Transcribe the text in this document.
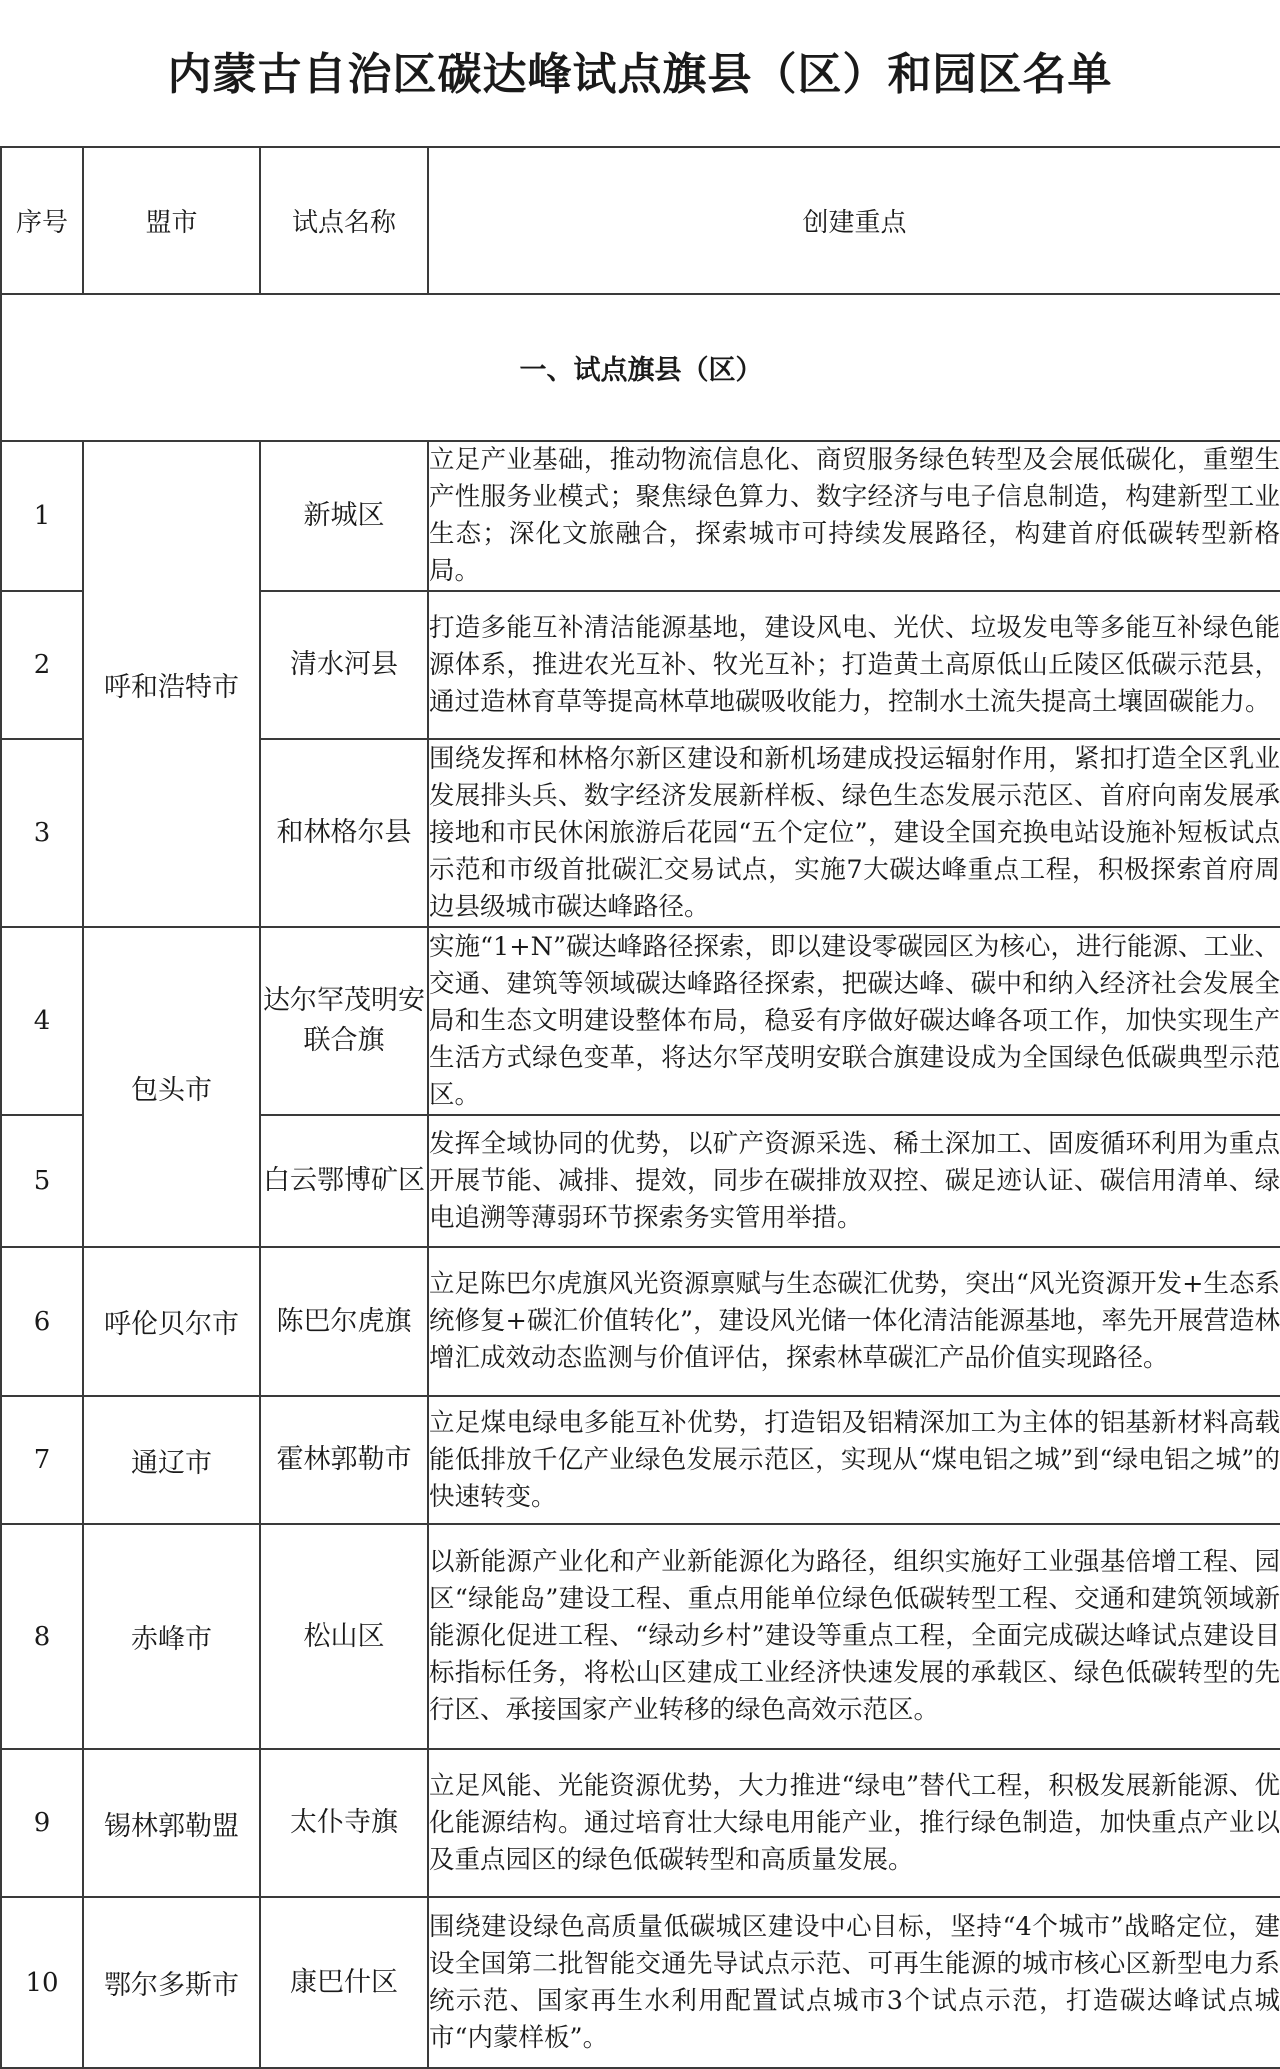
内蒙古自治区碳达峰试点旗县（区）和园区名单
序号	盟市	试点名称	创建重点
一、试点旗县（区）			
1	呼和浩特市	新城区	立足产业基础，推动物流信息化、商贸服务绿色转型及会展低碳化，重塑生产性服务业模式；聚焦绿色算力、数字经济与电子信息制造，构建新型工业生态；深化文旅融合，探索城市可持续发展路径，构建首府低碳转型新格局。
2		清水河县	打造多能互补清洁能源基地，建设风电、光伏、垃圾发电等多能互补绿色能源体系，推进农光互补、牧光互补；打造黄土高原低山丘陵区低碳示范县，通过造林育草等提高林草地碳吸收能力，控制水土流失提高土壤固碳能力。
3		和林格尔县	围绕发挥和林格尔新区建设和新机场建成投运辐射作用，紧扣打造全区乳业发展排头兵、数字经济发展新样板、绿色生态发展示范区、首府向南发展承接地和市民休闲旅游后花园“五个定位”，建设全国充换电站设施补短板试点示范和市级首批碳汇交易试点，实施7大碳达峰重点工程，积极探索首府周边县级城市碳达峰路径。
4	包头市	达尔罕茂明安联合旗	实施“1+N”碳达峰路径探索，即以建设零碳园区为核心，进行能源、工业、交通、建筑等领域碳达峰路径探索，把碳达峰、碳中和纳入经济社会发展全局和生态文明建设整体布局，稳妥有序做好碳达峰各项工作，加快实现生产生活方式绿色变革，将达尔罕茂明安联合旗建设成为全国绿色低碳典型示范区。
5		白云鄂博矿区	发挥全域协同的优势，以矿产资源采选、稀土深加工、固废循环利用为重点开展节能、减排、提效，同步在碳排放双控、碳足迹认证、碳信用清单、绿电追溯等薄弱环节探索务实管用举措。
6	呼伦贝尔市	陈巴尔虎旗	立足陈巴尔虎旗风光资源禀赋与生态碳汇优势，突出“风光资源开发+生态系统修复+碳汇价值转化”，建设风光储一体化清洁能源基地，率先开展营造林增汇成效动态监测与价值评估，探索林草碳汇产品价值实现路径。
7	通辽市	霍林郭勒市	立足煤电绿电多能互补优势，打造铝及铝精深加工为主体的铝基新材料高载能低排放千亿产业绿色发展示范区，实现从“煤电铝之城”到“绿电铝之城”的快速转变。
8	赤峰市	松山区	以新能源产业化和产业新能源化为路径，组织实施好工业强基倍增工程、园区“绿能岛”建设工程、重点用能单位绿色低碳转型工程、交通和建筑领域新能源化促进工程、“绿动乡村”建设等重点工程，全面完成碳达峰试点建设目标指标任务，将松山区建成工业经济快速发展的承载区、绿色低碳转型的先行区、承接国家产业转移的绿色高效示范区。
9	锡林郭勒盟	太仆寺旗	立足风能、光能资源优势，大力推进“绿电”替代工程，积极发展新能源、优化能源结构。通过培育壮大绿电用能产业，推行绿色制造，加快重点产业以及重点园区的绿色低碳转型和高质量发展。
10	鄂尔多斯市	康巴什区	围绕建设绿色高质量低碳城区建设中心目标，坚持“4个城市”战略定位，建设全国第二批智能交通先导试点示范、可再生能源的城市核心区新型电力系统示范、国家再生水利用配置试点城市3个试点示范，打造碳达峰试点城市“内蒙样板”。
